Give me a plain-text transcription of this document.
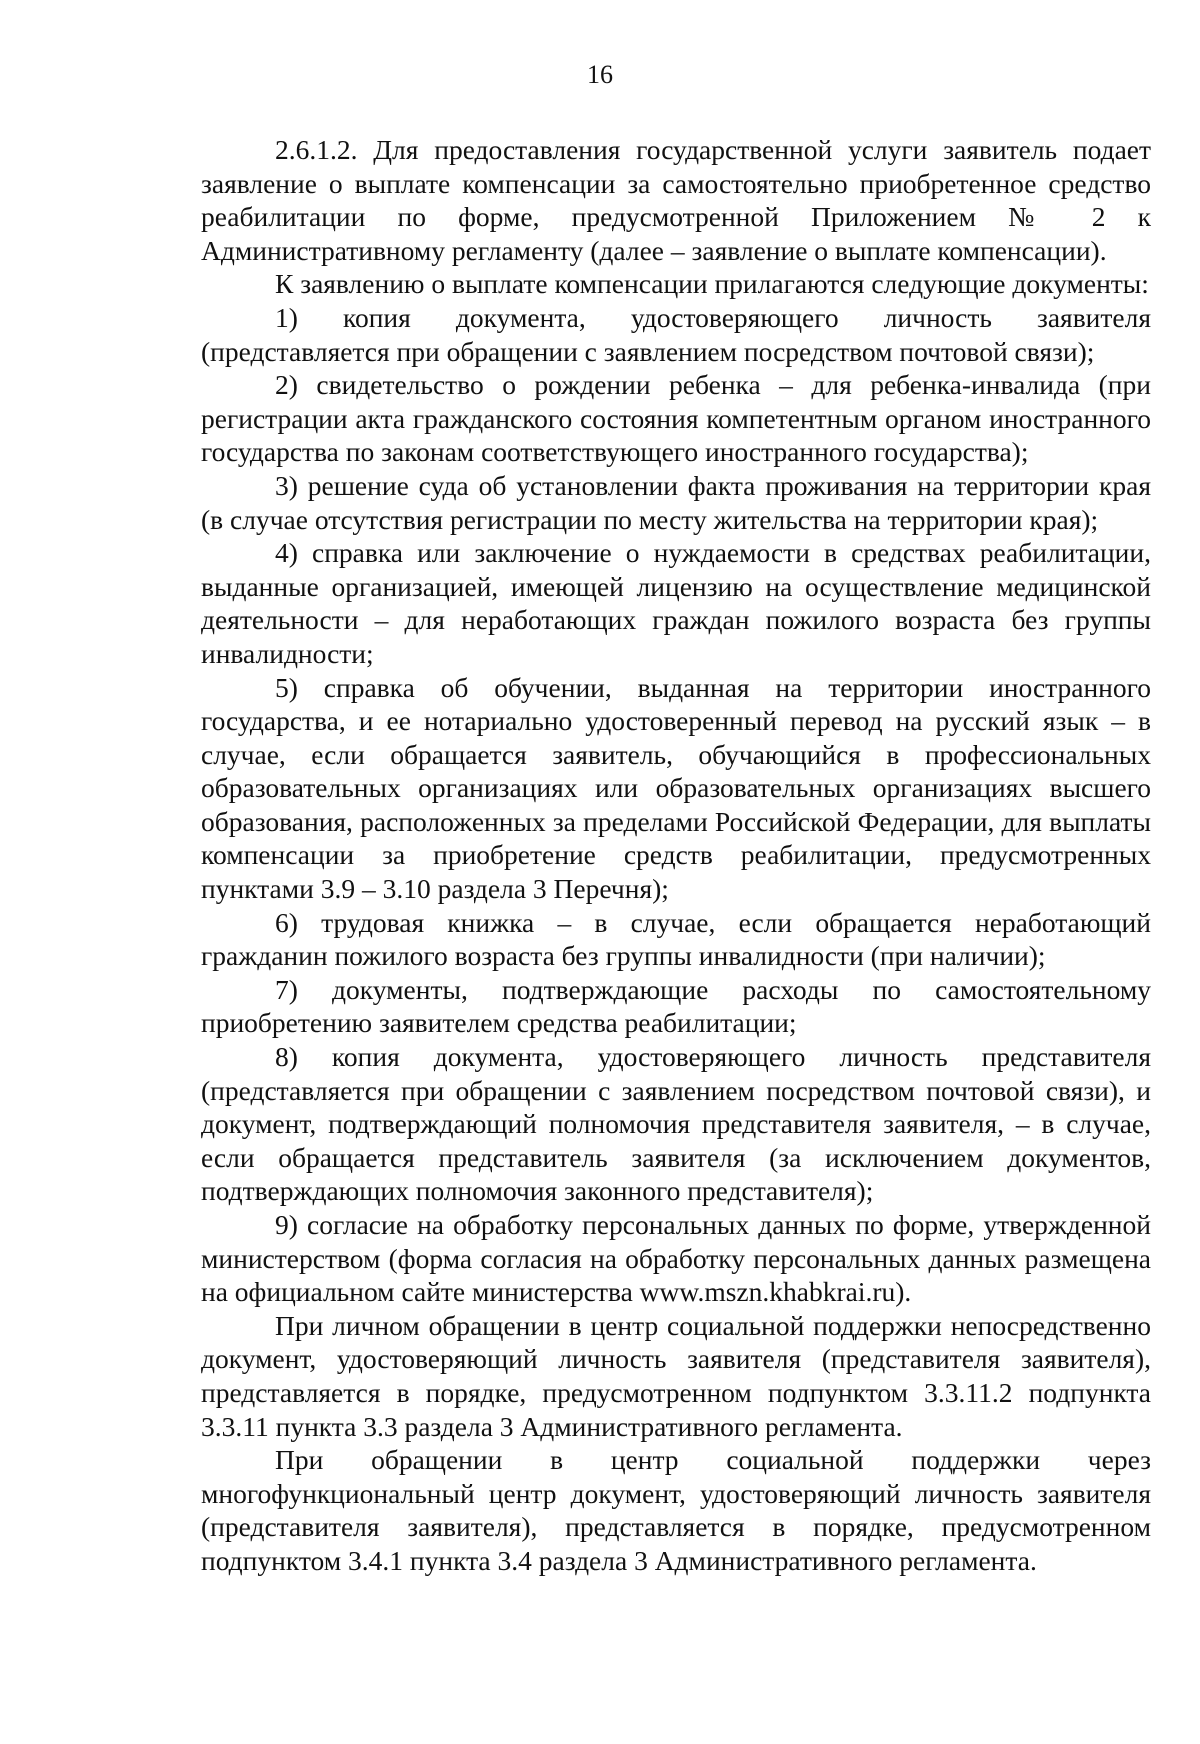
16

2.6.1.2. Для предоставления государственной услуги заявитель подает заявление о выплате компенсации за самостоятельно приобретенное средство реабилитации по форме, предусмотренной Приложением № 2 к Административному регламенту (далее – заявление о выплате компенсации).

К заявлению о выплате компенсации прилагаются следующие документы:

1) копия документа, удостоверяющего личность заявителя (представляется при обращении с заявлением посредством почтовой связи);

2) свидетельство о рождении ребенка – для ребенка-инвалида (при регистрации акта гражданского состояния компетентным органом иностранного государства по законам соответствующего иностранного государства);

3) решение суда об установлении факта проживания на территории края (в случае отсутствия регистрации по месту жительства на территории края);

4) справка или заключение о нуждаемости в средствах реабилитации, выданные организацией, имеющей лицензию на осуществление медицинской деятельности – для неработающих граждан пожилого возраста без группы инвалидности;

5) справка об обучении, выданная на территории иностранного государства, и ее нотариально удостоверенный перевод на русский язык – в случае, если обращается заявитель, обучающийся в профессиональных образовательных организациях или образовательных организациях высшего образования, расположенных за пределами Российской Федерации, для выплаты компенсации за приобретение средств реабилитации, предусмотренных пунктами 3.9 – 3.10 раздела 3 Перечня);

6) трудовая книжка – в случае, если обращается неработающий гражданин пожилого возраста без группы инвалидности (при наличии);

7) документы, подтверждающие расходы по самостоятельному приобретению заявителем средства реабилитации;

8) копия документа, удостоверяющего личность представителя (представляется при обращении с заявлением посредством почтовой связи), и документ, подтверждающий полномочия представителя заявителя, – в случае, если обращается представитель заявителя (за исключением документов, подтверждающих полномочия законного представителя);

9) согласие на обработку персональных данных по форме, утвержденной министерством (форма согласия на обработку персональных данных размещена на официальном сайте министерства www.mszn.khabkrai.ru).

При личном обращении в центр социальной поддержки непосредственно документ, удостоверяющий личность заявителя (представителя заявителя), представляется в порядке, предусмотренном подпунктом 3.3.11.2 подпункта 3.3.11 пункта 3.3 раздела 3 Административного регламента.

При обращении в центр социальной поддержки через многофункциональный центр документ, удостоверяющий личность заявителя (представителя заявителя), представляется в порядке, предусмотренном подпунктом 3.4.1 пункта 3.4 раздела 3 Административного регламента.
